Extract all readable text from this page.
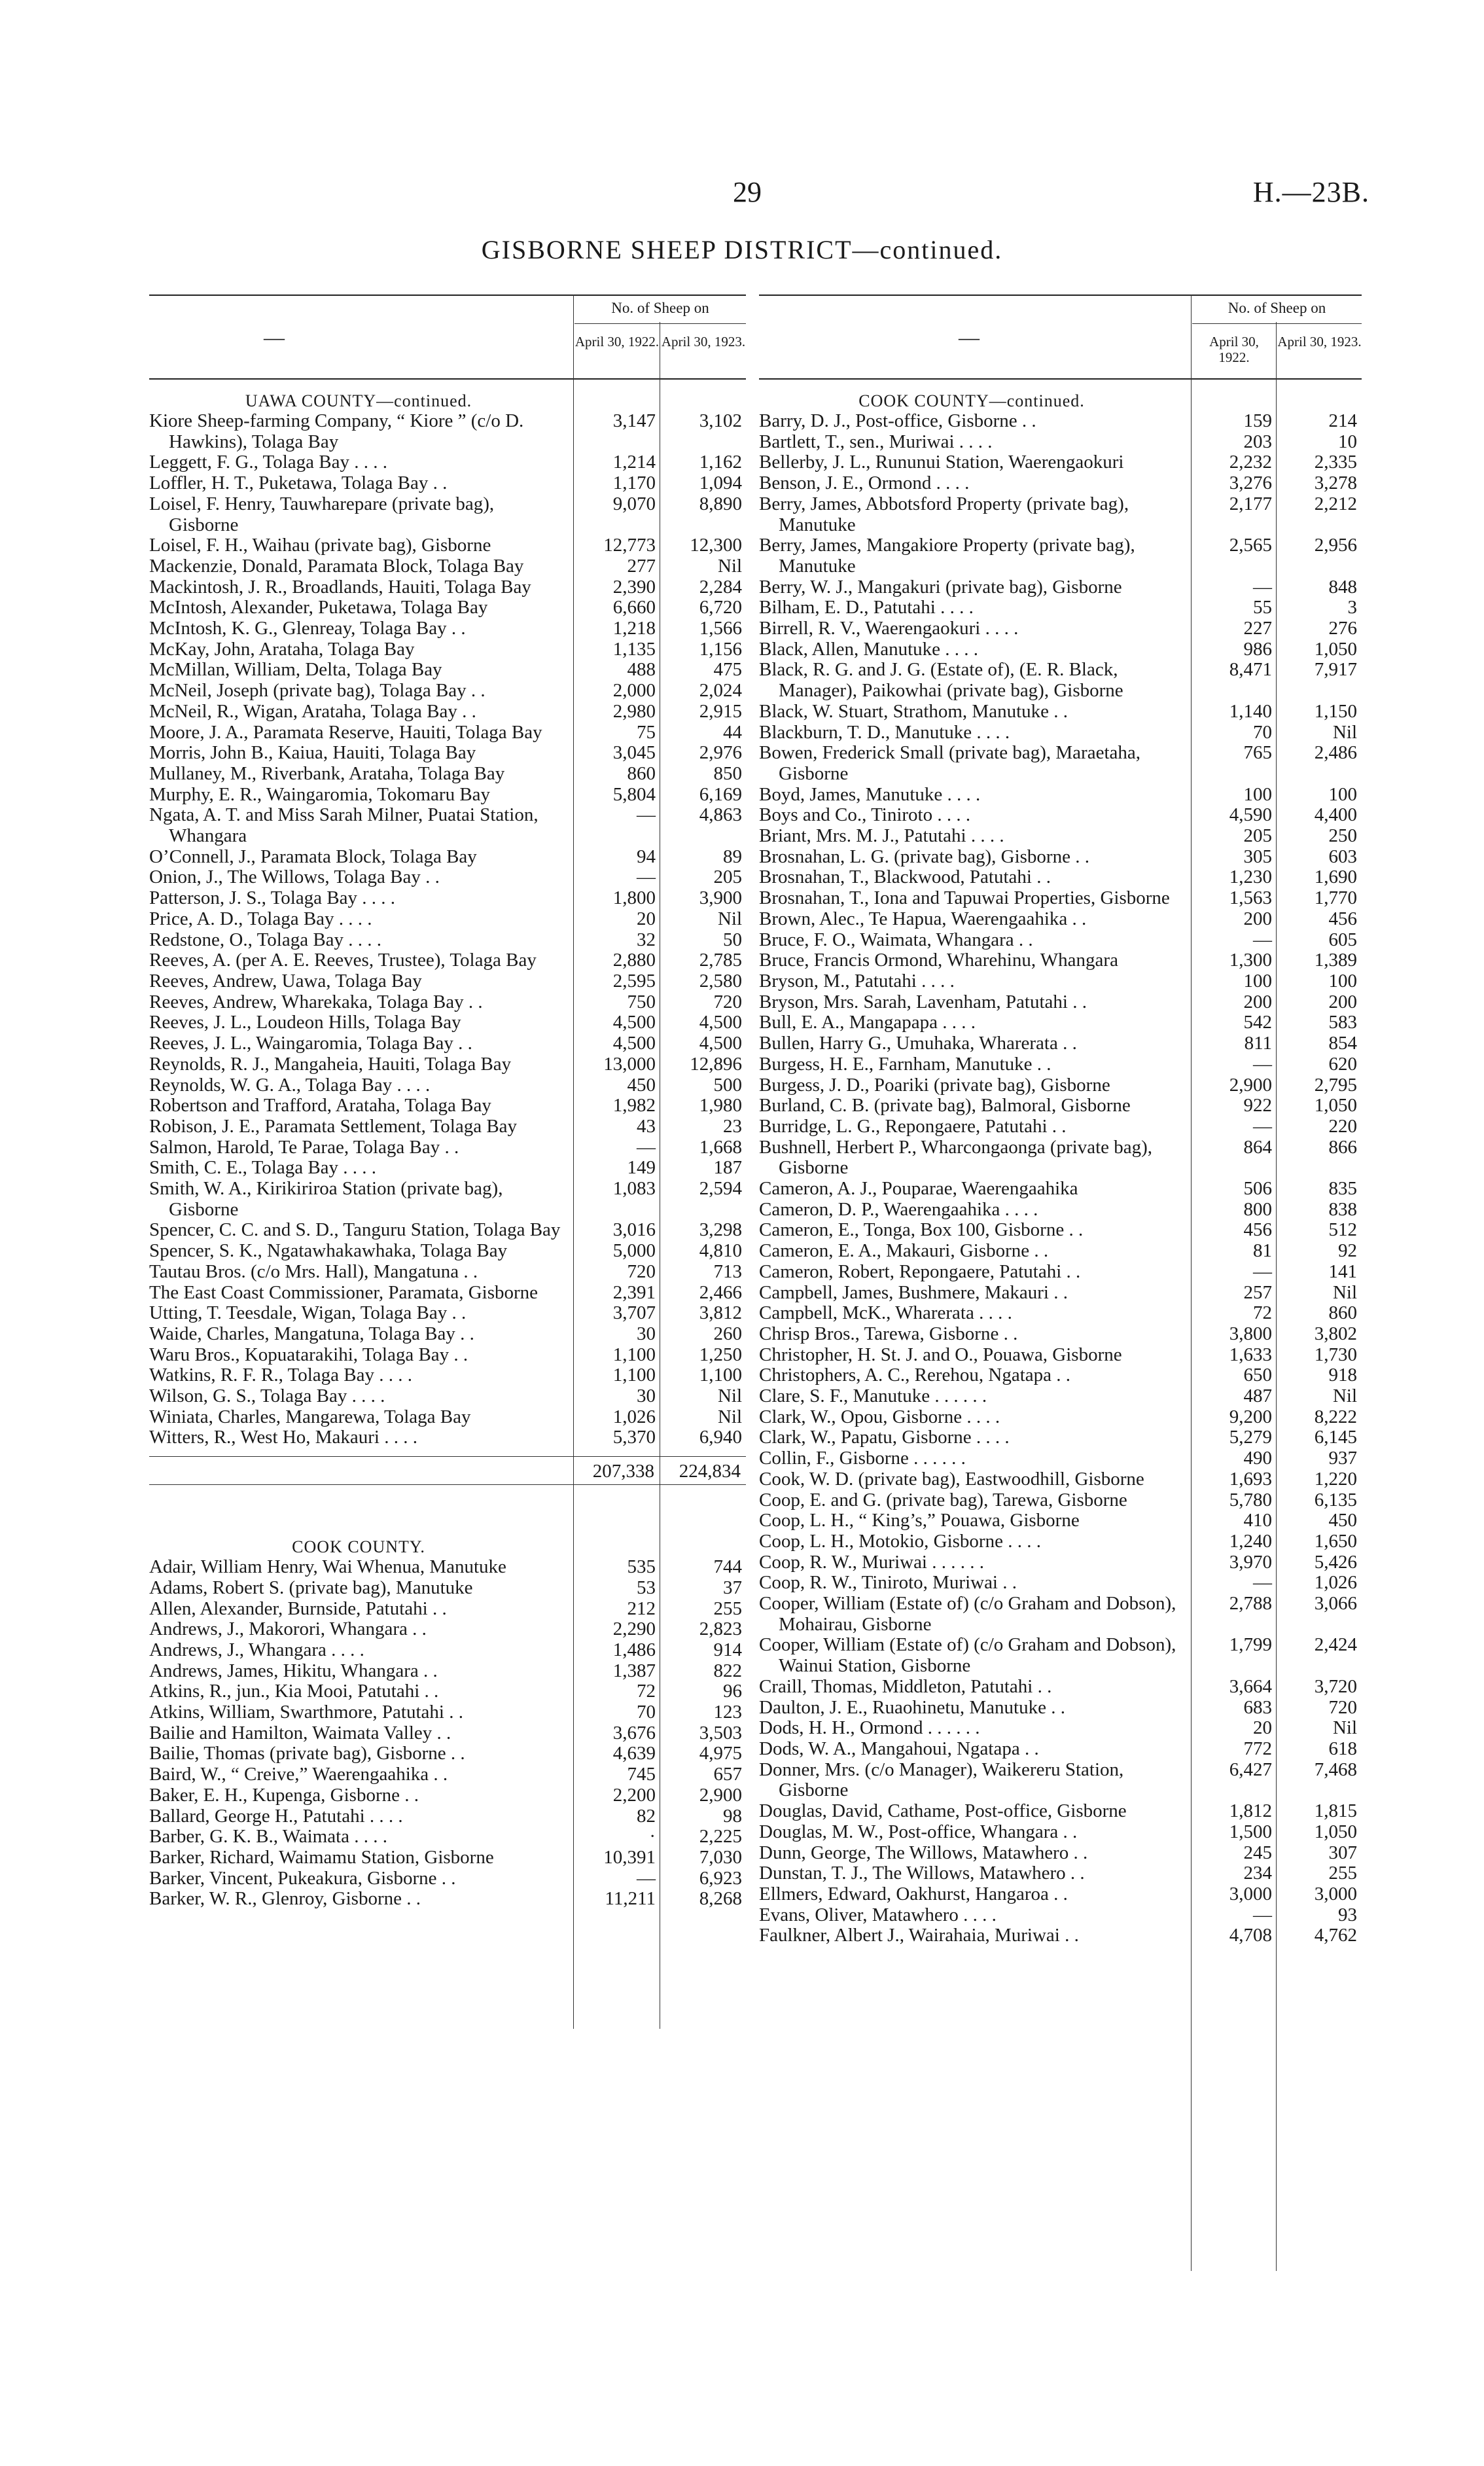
29	H.—23B.
GISBORNE SHEEP DISTRICT—continued.
—
No. of Sheep on
April 30, 1922. April 30, 1923.
UAWA COUNTY—continued.
Kiore Sheep-farming Company, “ Kiore ” (c/o D. Hawkins), Tolaga Bay
3,147	3,102
Leggett, F. G., Tolaga Bay . . . .	1,214	1,162
Loffler, H. T., Puketawa, Tolaga Bay . .	1,170	1,094
Loisel, F. Henry, Tauwharepare (private bag), Gisborne
9,070	8,890
Loisel, F. H., Waihau (private bag), Gisborne	12,773	12,300
Mackenzie, Donald, Paramata Block, Tolaga Bay	277	Nil
Mackintosh, J. R., Broadlands, Hauiti, Tolaga Bay	2,390	2,284
McIntosh, Alexander, Puketawa, Tolaga Bay	6,660	6,720
McIntosh, K. G., Glenreay, Tolaga Bay . .	1,218	1,566
McKay, John, Arataha, Tolaga Bay	1,135	1,156
McMillan, William, Delta, Tolaga Bay	488	475
McNeil, Joseph (private bag), Tolaga Bay . .	2,000	2,024
McNeil, R., Wigan, Arataha, Tolaga Bay . .	2,980	2,915
Moore, J. A., Paramata Reserve, Hauiti, Tolaga Bay	75	44
Morris, John B., Kaiua, Hauiti, Tolaga Bay	3,045	2,976
Mullaney, M., Riverbank, Arataha, Tolaga Bay	860	850
Murphy, E. R., Waingaromia, Tokomaru Bay	5,804	6,169
Ngata, A. T. and Miss Sarah Milner, Puatai Station, Whangara
—	4,863
O’Connell, J., Paramata Block, Tolaga Bay	94	89
Onion, J., The Willows, Tolaga Bay . .	—	205
Patterson, J. S., Tolaga Bay . . . .	1,800	3,900
Price, A. D., Tolaga Bay . . . .	20	Nil
Redstone, O., Tolaga Bay . . . .	32	50
Reeves, A. (per A. E. Reeves, Trustee), Tolaga Bay	2,880	2,785
Reeves, Andrew, Uawa, Tolaga Bay	2,595	2,580
Reeves, Andrew, Wharekaka, Tolaga Bay . .	750	720
Reeves, J. L., Loudeon Hills, Tolaga Bay	4,500	4,500
Reeves, J. L., Waingaromia, Tolaga Bay . .	4,500	4,500
Reynolds, R. J., Mangaheia, Hauiti, Tolaga Bay	13,000	12,896
Reynolds, W. G. A., Tolaga Bay . . . .	450	500
Robertson and Trafford, Arataha, Tolaga Bay	1,982	1,980
Robison, J. E., Paramata Settlement, Tolaga Bay	43	23
Salmon, Harold, Te Parae, Tolaga Bay . .	—	1,668
Smith, C. E., Tolaga Bay . . . .	149	187
Smith, W. A., Kirikiriroa Station (private bag), Gisborne
1,083	2,594
Spencer, C. C. and S. D., Tanguru Station, Tolaga Bay	3,016	3,298
Spencer, S. K., Ngatawhakawhaka, Tolaga Bay	5,000	4,810
Tautau Bros. (c/o Mrs. Hall), Mangatuna . .	720	713
The East Coast Commissioner, Paramata, Gisborne	2,391	2,466
Utting, T. Teesdale, Wigan, Tolaga Bay . .	3,707	3,812
Waide, Charles, Mangatuna, Tolaga Bay . .	30	260
Waru Bros., Kopuatarakihi, Tolaga Bay . .	1,100	1,250
Watkins, R. F. R., Tolaga Bay . . . .	1,100	1,100
Wilson, G. S., Tolaga Bay . . . .	30	Nil
Winiata, Charles, Mangarewa, Tolaga Bay	1,026	Nil
Witters, R., West Ho, Makauri . . . .	5,370	6,940
207,338	224,834
COOK COUNTY.
Adair, William Henry, Wai Whenua, Manutuke	535	744
Adams, Robert S. (private bag), Manutuke	53	37
Allen, Alexander, Burnside, Patutahi . .	212	255
Andrews, J., Makorori, Whangara . .	2,290	2,823
Andrews, J., Whangara . . . .	1,486	914
Andrews, James, Hikitu, Whangara . .	1,387	822
Atkins, R., jun., Kia Mooi, Patutahi . .	72	96
Atkins, William, Swarthmore, Patutahi . .	70	123
Bailie and Hamilton, Waimata Valley . .	3,676	3,503
Bailie, Thomas (private bag), Gisborne . .	4,639	4,975
Baird, W., “ Creive,” Waerengaahika . .	745	657
Baker, E. H., Kupenga, Gisborne . .	2,200	2,900
Ballard, George H., Patutahi . . . .	82	98
Barber, G. K. B., Waimata . . . .	·	2,225
Barker, Richard, Waimamu Station, Gisborne	10,391	7,030
Barker, Vincent, Pukeakura, Gisborne . .	—	6,923
Barker, W. R., Glenroy, Gisborne . .	11,211	8,268
—
No. of Sheep on
April 30, 1922.
April 30, 1923.
COOK COUNTY—continued.
Barry, D. J., Post-office, Gisborne . .	159	214
Bartlett, T., sen., Muriwai . . . .	203	10
Bellerby, J. L., Rununui Station, Waerengaokuri	2,232	2,335
Benson, J. E., Ormond . . . .	3,276	3,278
Berry, James, Abbotsford Property (private bag), Manutuke
2,177	2,212
Berry, James, Mangakiore Property (private bag), Manutuke
2,565	2,956
Berry, W. J., Mangakuri (private bag), Gisborne	—	848
Bilham, E. D., Patutahi . . . .	55	3
Birrell, R. V., Waerengaokuri . . . .	227	276
Black, Allen, Manutuke . . . .	986	1,050
Black, R. G. and J. G. (Estate of), (E. R. Black, Manager), Paikowhai (private bag), Gisborne
8,471	7,917
Black, W. Stuart, Strathom, Manutuke . .	1,140	1,150
Blackburn, T. D., Manutuke . . . .	70	Nil
Bowen, Frederick Small (private bag), Maraetaha, Gisborne
765	2,486
Boyd, James, Manutuke . . . .	100	100
Boys and Co., Tiniroto . . . .	4,590	4,400
Briant, Mrs. M. J., Patutahi . . . .	205	250
Brosnahan, L. G. (private bag), Gisborne . .	305	603
Brosnahan, T., Blackwood, Patutahi . .	1,230	1,690
Brosnahan, T., Iona and Tapuwai Properties, Gisborne	1,563	1,770
Brown, Alec., Te Hapua, Waerengaahika . .	200	456
Bruce, F. O., Waimata, Whangara . .	—	605
Bruce, Francis Ormond, Wharehinu, Whangara	1,300	1,389
Bryson, M., Patutahi . . . .	100	100
Bryson, Mrs. Sarah, Lavenham, Patutahi . .	200	200
Bull, E. A., Mangapapa . . . .	542	583
Bullen, Harry G., Umuhaka, Wharerata . .	811	854
Burgess, H. E., Farnham, Manutuke . .	—	620
Burgess, J. D., Poariki (private bag), Gisborne	2,900	2,795
Burland, C. B. (private bag), Balmoral, Gisborne	922	1,050
Burridge, L. G., Repongaere, Patutahi . .	—	220
Bushnell, Herbert P., Wharcongaonga (private bag), Gisborne
864	866
Cameron, A. J., Pouparae, Waerengaahika	506	835
Cameron, D. P., Waerengaahika . . . .	800	838
Cameron, E., Tonga, Box 100, Gisborne . .	456	512
Cameron, E. A., Makauri, Gisborne . .	81	92
Cameron, Robert, Repongaere, Patutahi . .	—	141
Campbell, James, Bushmere, Makauri . .	257	Nil
Campbell, McK., Wharerata . . . .	72	860
Chrisp Bros., Tarewa, Gisborne . .	3,800	3,802
Christopher, H. St. J. and O., Pouawa, Gisborne	1,633	1,730
Christophers, A. C., Rerehou, Ngatapa . .	650	918
Clare, S. F., Manutuke . . . . . .	487	Nil
Clark, W., Opou, Gisborne . . . .	9,200	8,222
Clark, W., Papatu, Gisborne . . . .	5,279	6,145
Collin, F., Gisborne . . . . . .	490	937
Cook, W. D. (private bag), Eastwoodhill, Gisborne	1,693	1,220
Coop, E. and G. (private bag), Tarewa, Gisborne	5,780	6,135
Coop, L. H., “ King’s,” Pouawa, Gisborne	410	450
Coop, L. H., Motokio, Gisborne . . . .	1,240	1,650
Coop, R. W., Muriwai . . . . . .	3,970	5,426
Coop, R. W., Tiniroto, Muriwai . .	—	1,026
Cooper, William (Estate of) (c/o Graham and Dobson), Mohairau, Gisborne
2,788	3,066
Cooper, William (Estate of) (c/o Graham and Dobson), Wainui Station, Gisborne
1,799	2,424
Craill, Thomas, Middleton, Patutahi . .	3,664	3,720
Daulton, J. E., Ruaohinetu, Manutuke . .	683	720
Dods, H. H., Ormond . . . . . .	20	Nil
Dods, W. A., Mangahoui, Ngatapa . .	772	618
Donner, Mrs. (c/o Manager), Waikereru Station, Gisborne
6,427	7,468
Douglas, David, Cathame, Post-office, Gisborne	1,812	1,815
Douglas, M. W., Post-office, Whangara . .	1,500	1,050
Dunn, George, The Willows, Matawhero . .	245	307
Dunstan, T. J., The Willows, Matawhero . .	234	255
Ellmers, Edward, Oakhurst, Hangaroa . .	3,000	3,000
Evans, Oliver, Matawhero . . . .	—	93
Faulkner, Albert J., Wairahaia, Muriwai . .	4,708	4,762
